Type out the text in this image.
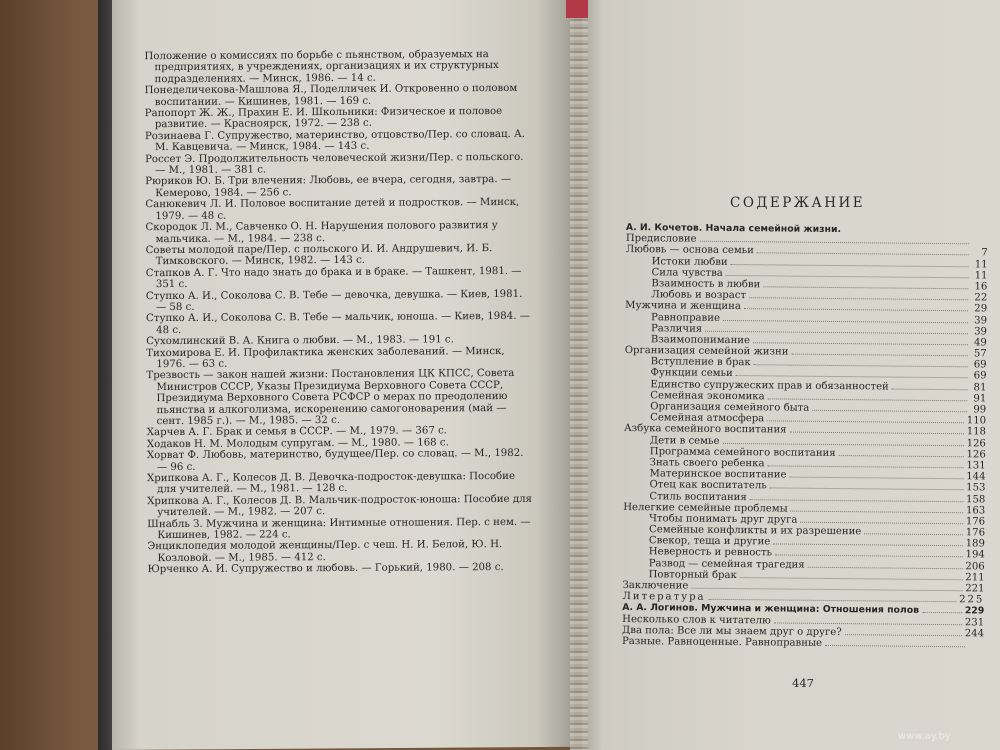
Положение о комиссиях по борьбе с пьянством, образуемых на предприятиях, в учреждениях, организациях и их структурных подразделениях. — Минск, 1986. — 14 с.

Понеделичекова-Машлова Я., Поделличек И. Откровенно о половом воспитании. — Кишинев, 1981. — 169 с.

Рапопорт Ж. Ж., Прахин Е. И. Школьники: Физическое и половое развитие. — Красноярск, 1972. — 238 с.

Розинаева Г. Супружество, материнство, отцовство/Пер. со словац. А. М. Кавцевича. — Минск, 1984. — 143 с.

Россет Э. Продолжительность человеческой жизни/Пер. с польского. — М., 1981. — 381 с.

Рюриков Ю. Б. Три влечения: Любовь, ее вчера, сегодня, завтра. — Кемерово, 1984. — 256 с.

Санюкевич Л. И. Половое воспитание детей и подростков. — Минск, 1979. — 48 с.

Скородок Л. М., Савченко О. Н. Нарушения полового развития у мальчика. — М., 1984. — 238 с.

Советы молодой паре/Пер. с польского И. И. Андрушевич, И. Б. Тимковского. — Минск, 1982. — 143 с.

Стапков А. Г. Что надо знать до брака и в браке. — Ташкент, 1981. — 351 с.

Ступко А. И., Соколова С. В. Тебе — девочка, девушка. — Киев, 1981. — 58 с.

Ступко А. И., Соколова С. В. Тебе — мальчик, юноша. — Киев, 1984. — 48 с.

Сухомлинский В. А. Книга о любви. — М., 1983. — 191 с.

Тихомирова Е. И. Профилактика женских заболеваний. — Минск, 1976. — 63 с.

Трезвость — закон нашей жизни: Постановления ЦК КПСС, Совета Министров СССР, Указы Президиума Верховного Совета СССР, Президиума Верховного Совета РСФСР о мерах по преодолению пьянства и алкоголизма, искоренению самогоноварения (май — сент. 1985 г.). — М., 1985. — 32 с.

Харчев А. Г. Брак и семья в СССР. — М., 1979. — 367 с.

Ходаков Н. М. Молодым супругам. — М., 1980. — 168 с.

Хорват Ф. Любовь, материнство, будущее/Пер. со словац. — М., 1982. — 96 с.

Хрипкова А. Г., Колесов Д. В. Девочка-подросток-девушка: Пособие для учителей. — М., 1981. — 128 с.

Хрипкова А. Г., Колесов Д. В. Мальчик-подросток-юноша: Пособие для учителей. — М., 1982. — 207 с.

Шнабль З. Мужчина и женщина: Интимные отношения. Пер. с нем. — Кишинев, 1982. — 224 с.

Энциклопедия молодой женщины/Пер. с чеш. Н. И. Белой, Ю. Н. Козловой. — М., 1985. — 412 с.

Юрченко А. И. Супружество и любовь. — Горький, 1980. — 208 с.

СОДЕРЖАНИЕ
А. И. Кочетов. Начала семейной жизни.
Предисловие
Любовь — основа семьи	7
Истоки любви	11
Сила чувства	11
Взаимность в любви	16
Любовь и возраст	22
Мужчина и женщина	29
Равноправие	39
Различия	39
Взаимопонимание	49
Организация семейной жизни	57
Вступление в брак	69
Функции семьи	69
Единство супружеских прав и обязанностей	81
Семейная экономика	91
Организация семейного быта	99
Семейная атмосфера	110
Азбука семейного воспитания	118
Дети в семье	126
Программа семейного воспитания	126
Знать своего ребенка	131
Материнское воспитание	144
Отец как воспитатель	153
Стиль воспитания	158
Нелегкие семейные проблемы	163
Чтобы понимать друг друга	176
Семейные конфликты и их разрешение	176
Свекор, теща и другие	189
Неверность и ревность	194
Развод — семейная трагедия	206
Повторный брак	211
Заключение	221
Литература	225
А. А. Логинов. Мужчина и женщина: Отношения полов	229
Несколько слов к читателю	231
Два пола: Все ли мы знаем друг о друге?	244
Разные. Равноценные. Равноправные
447
www.ay.by
